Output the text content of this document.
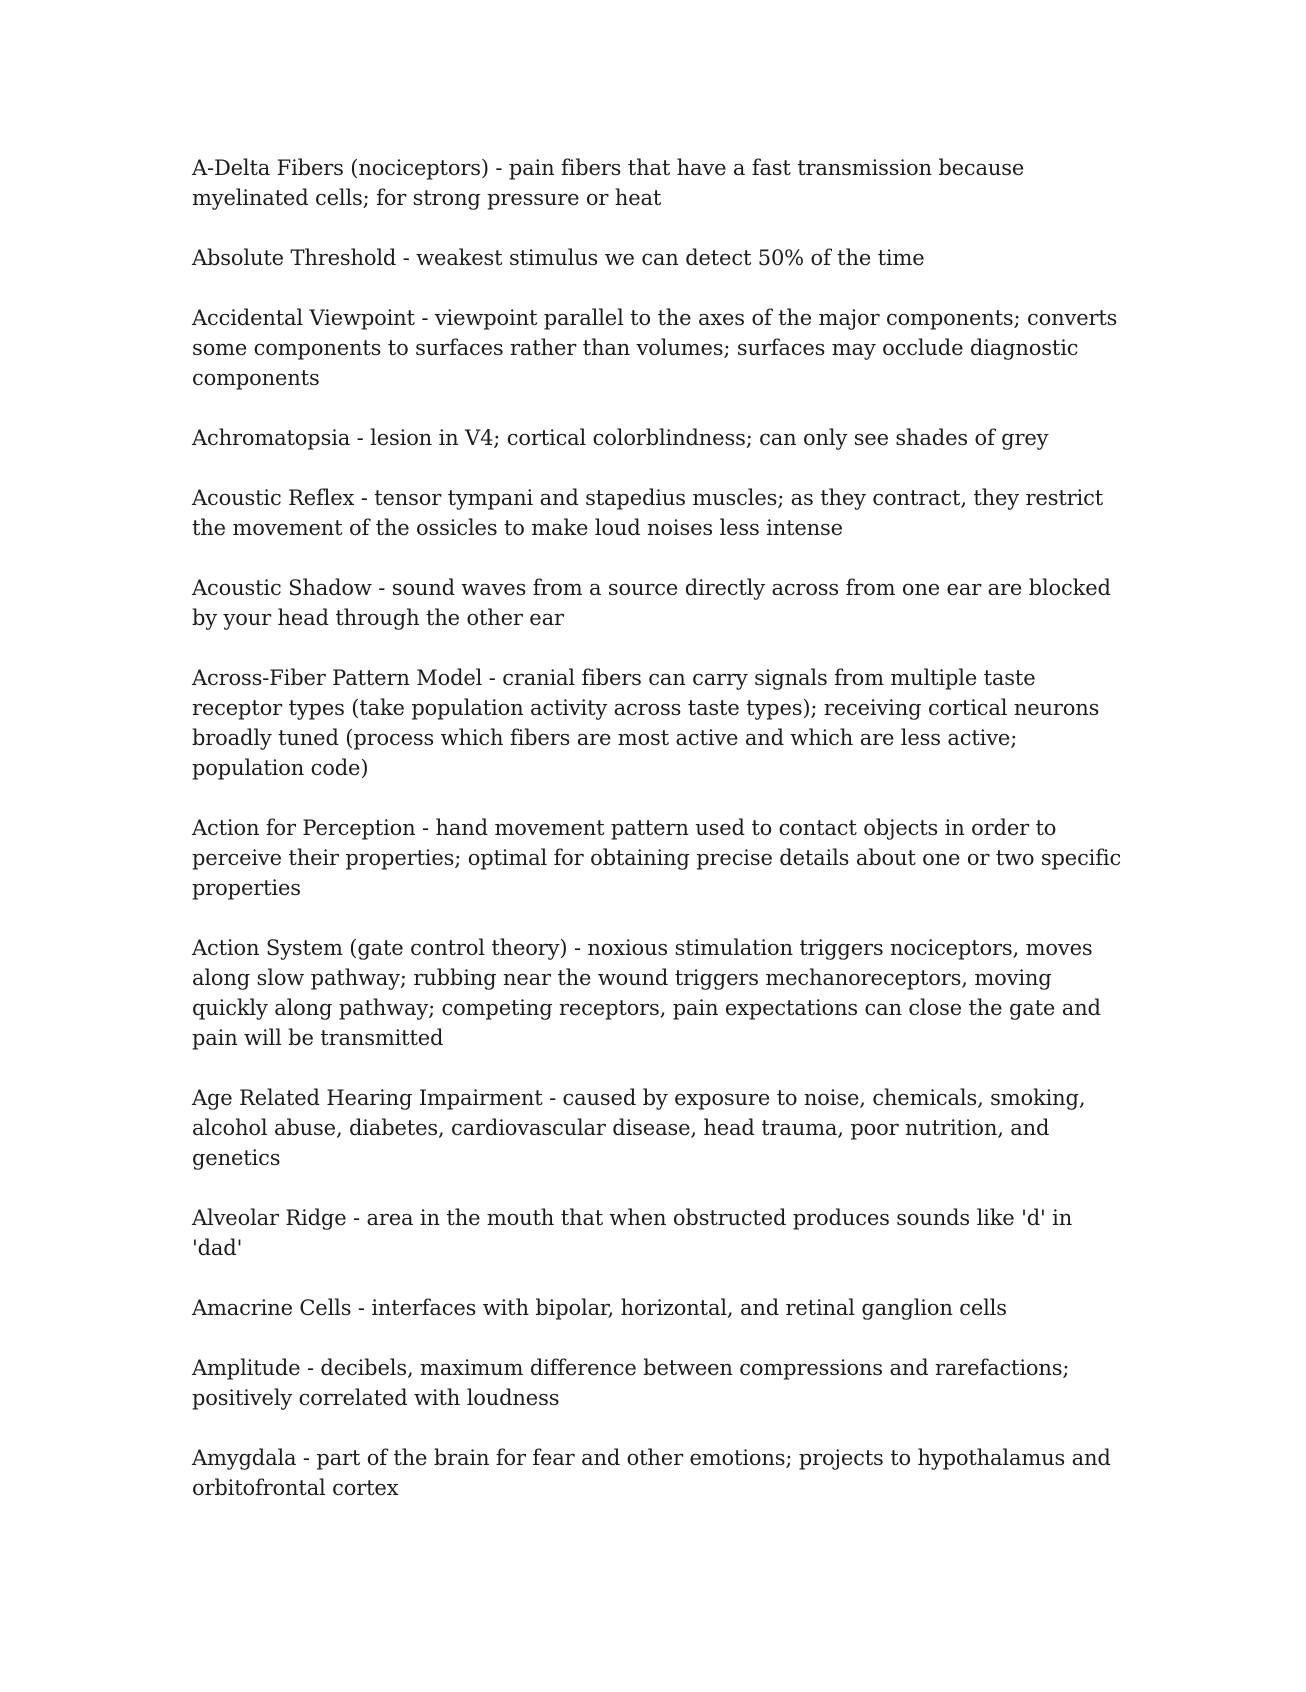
A-Delta Fibers (nociceptors) - pain fibers that have a fast transmission because myelinated cells; for strong pressure or heat

Absolute Threshold - weakest stimulus we can detect 50% of the time

Accidental Viewpoint - viewpoint parallel to the axes of the major components; converts some components to surfaces rather than volumes; surfaces may occlude diagnostic components

Achromatopsia - lesion in V4; cortical colorblindness; can only see shades of grey

Acoustic Reflex - tensor tympani and stapedius muscles; as they contract, they restrict the movement of the ossicles to make loud noises less intense

Acoustic Shadow - sound waves from a source directly across from one ear are blocked by your head through the other ear

Across-Fiber Pattern Model - cranial fibers can carry signals from multiple taste receptor types (take population activity across taste types); receiving cortical neurons broadly tuned (process which fibers are most active and which are less active; population code)

Action for Perception - hand movement pattern used to contact objects in order to perceive their properties; optimal for obtaining precise details about one or two specific properties

Action System (gate control theory) - noxious stimulation triggers nociceptors, moves along slow pathway; rubbing near the wound triggers mechanoreceptors, moving quickly along pathway; competing receptors, pain expectations can close the gate and pain will be transmitted

Age Related Hearing Impairment - caused by exposure to noise, chemicals, smoking, alcohol abuse, diabetes, cardiovascular disease, head trauma, poor nutrition, and genetics

Alveolar Ridge - area in the mouth that when obstructed produces sounds like 'd' in 'dad'

Amacrine Cells - interfaces with bipolar, horizontal, and retinal ganglion cells

Amplitude - decibels, maximum difference between compressions and rarefactions; positively correlated with loudness

Amygdala - part of the brain for fear and other emotions; projects to hypothalamus and orbitofrontal cortex
